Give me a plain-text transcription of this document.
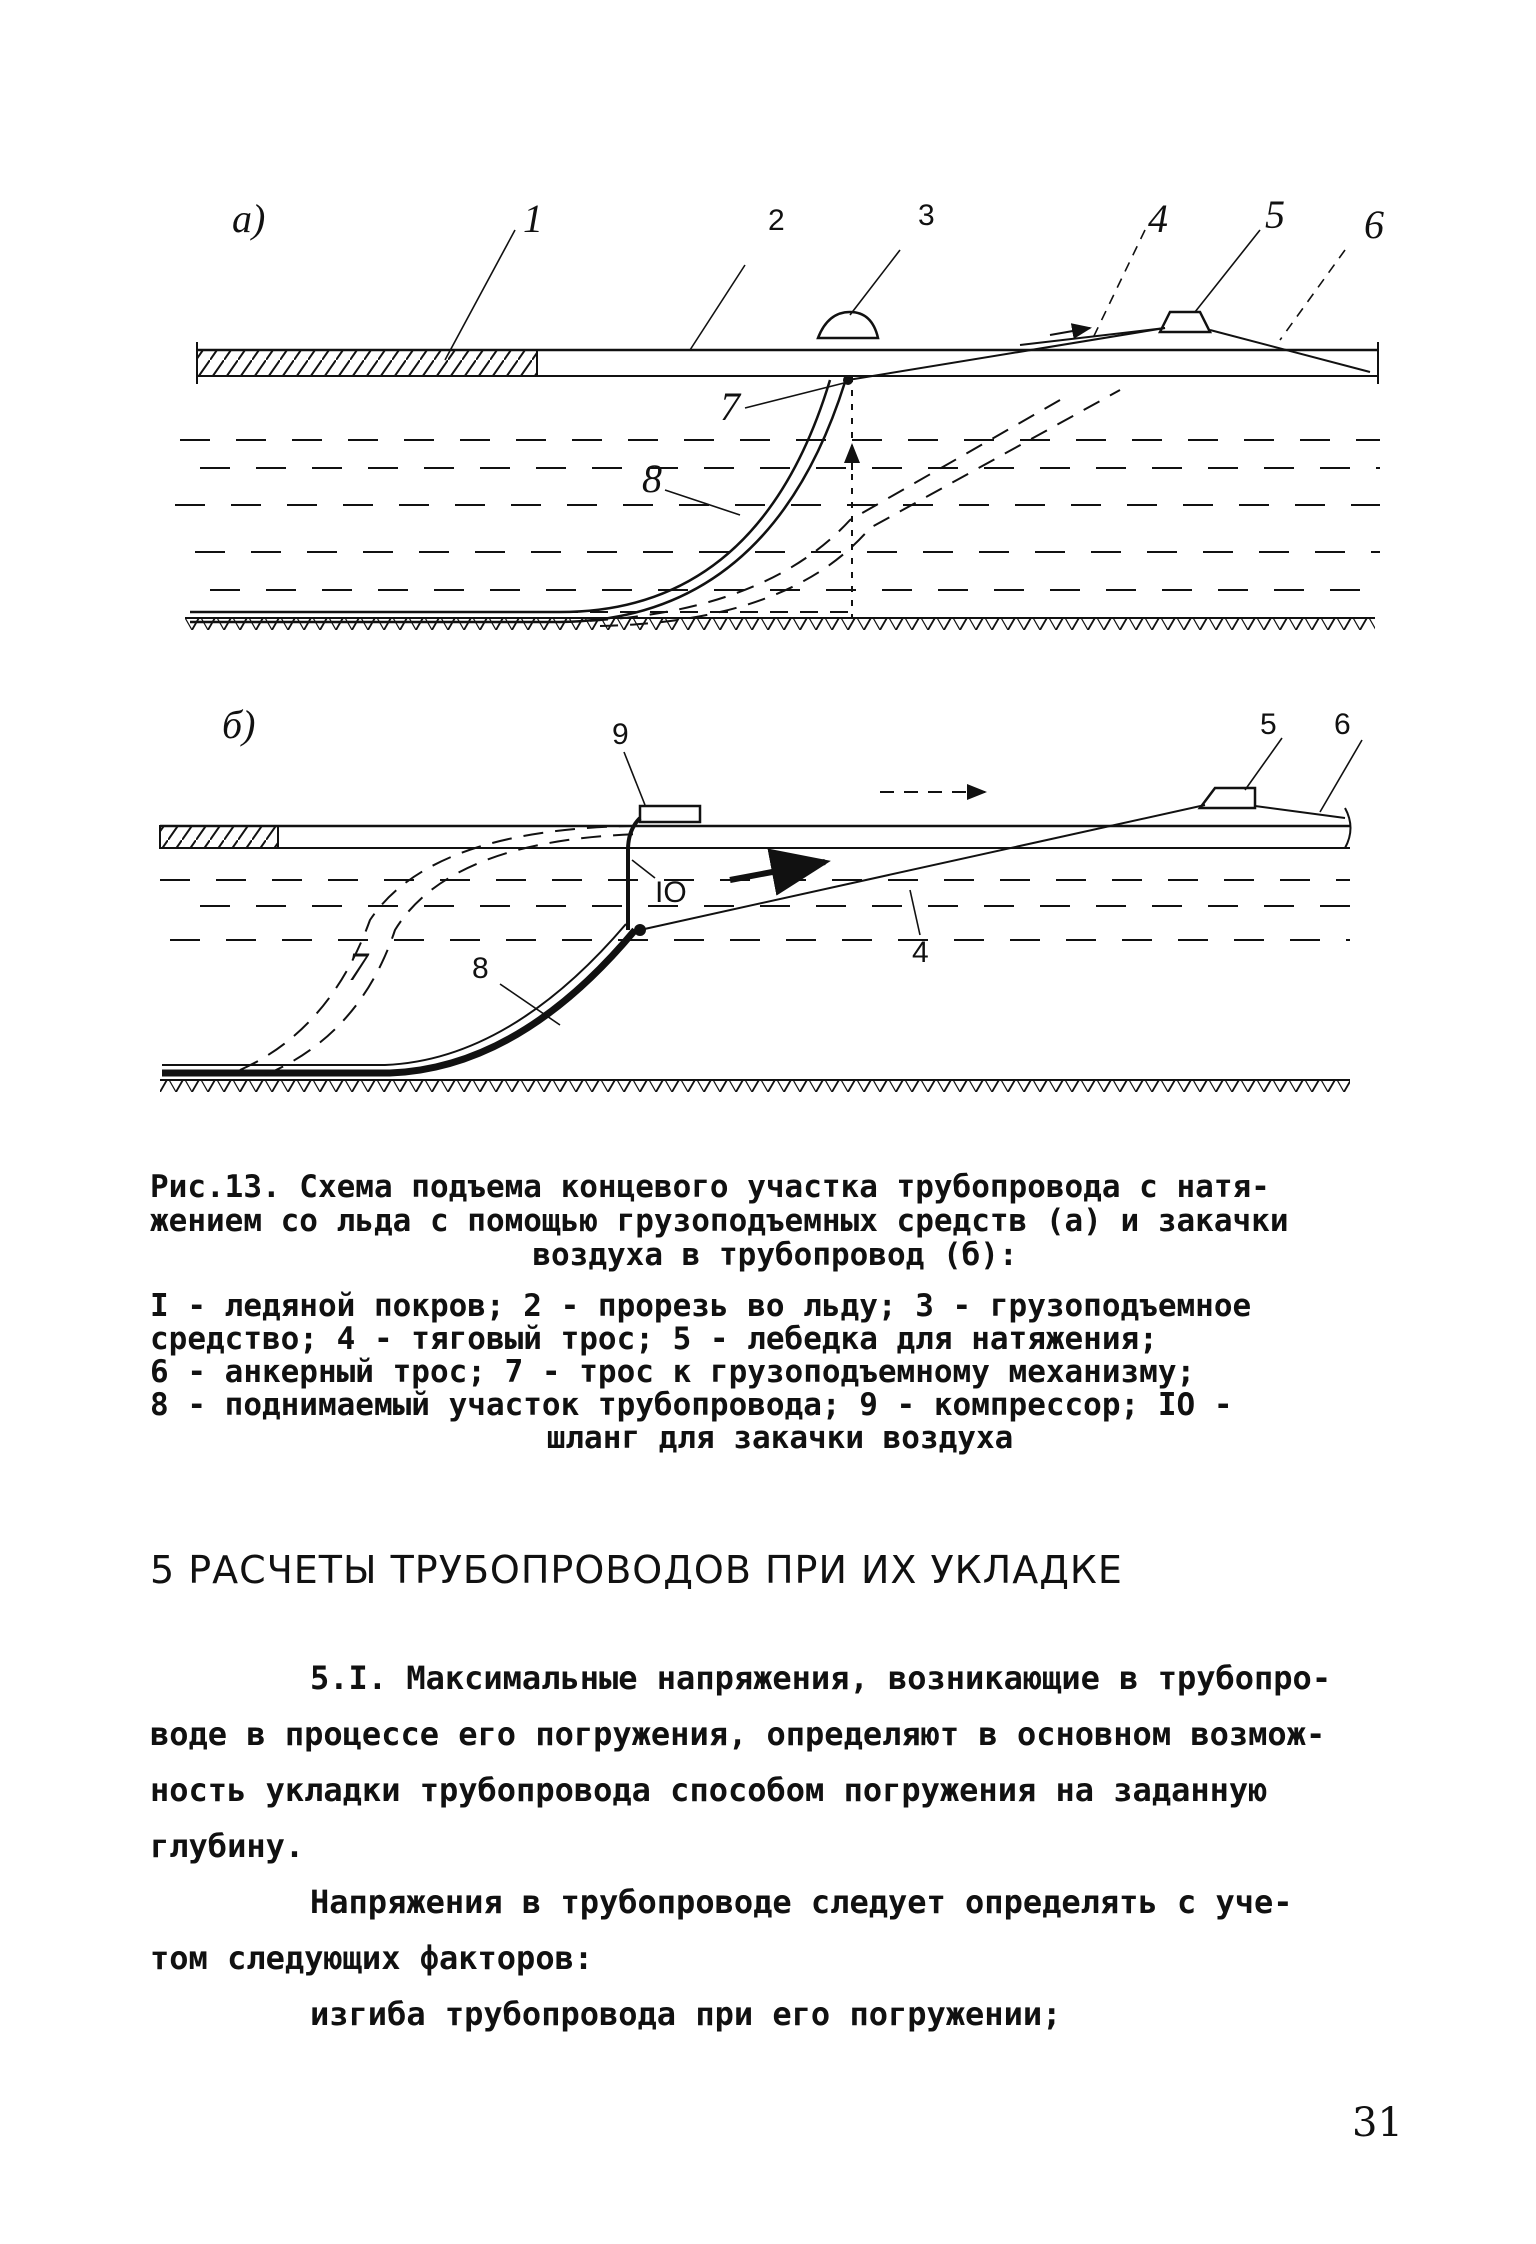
а)	1	2	3	4 5 6
7
8
б)	9	5 6
IO
8	4
7
Рис.13. Схема подъема концевого участка трубопровода с натя-
жением со льда с помощью грузоподъемных средств (а) и закачки

воздуха в трубопровод (б):
I - ледяной покров; 2 - прорезь во льду; 3 - грузоподъемное
средство; 4 - тяговый трос; 5 - лебедка для натяжения;
6 - анкерный трос; 7 - трос к грузоподъемному механизму;
8 - поднимаемый участок трубопровода; 9 - компрессор; IO -
шланг для закачки воздуха
5 РАСЧЕТЫ ТРУБОПРОВОДОВ ПРИ ИХ УКЛАДКЕ

5.I. Максимальные напряжения, возникающие в трубопро-

воде в процессе его погружения, определяют в основном возмож-

ность укладки трубопровода способом погружения на заданную

глубину.

Напряжения в трубопроводе следует определять с уче-

том следующих факторов:

изгиба трубопровода при его погружении;

31
